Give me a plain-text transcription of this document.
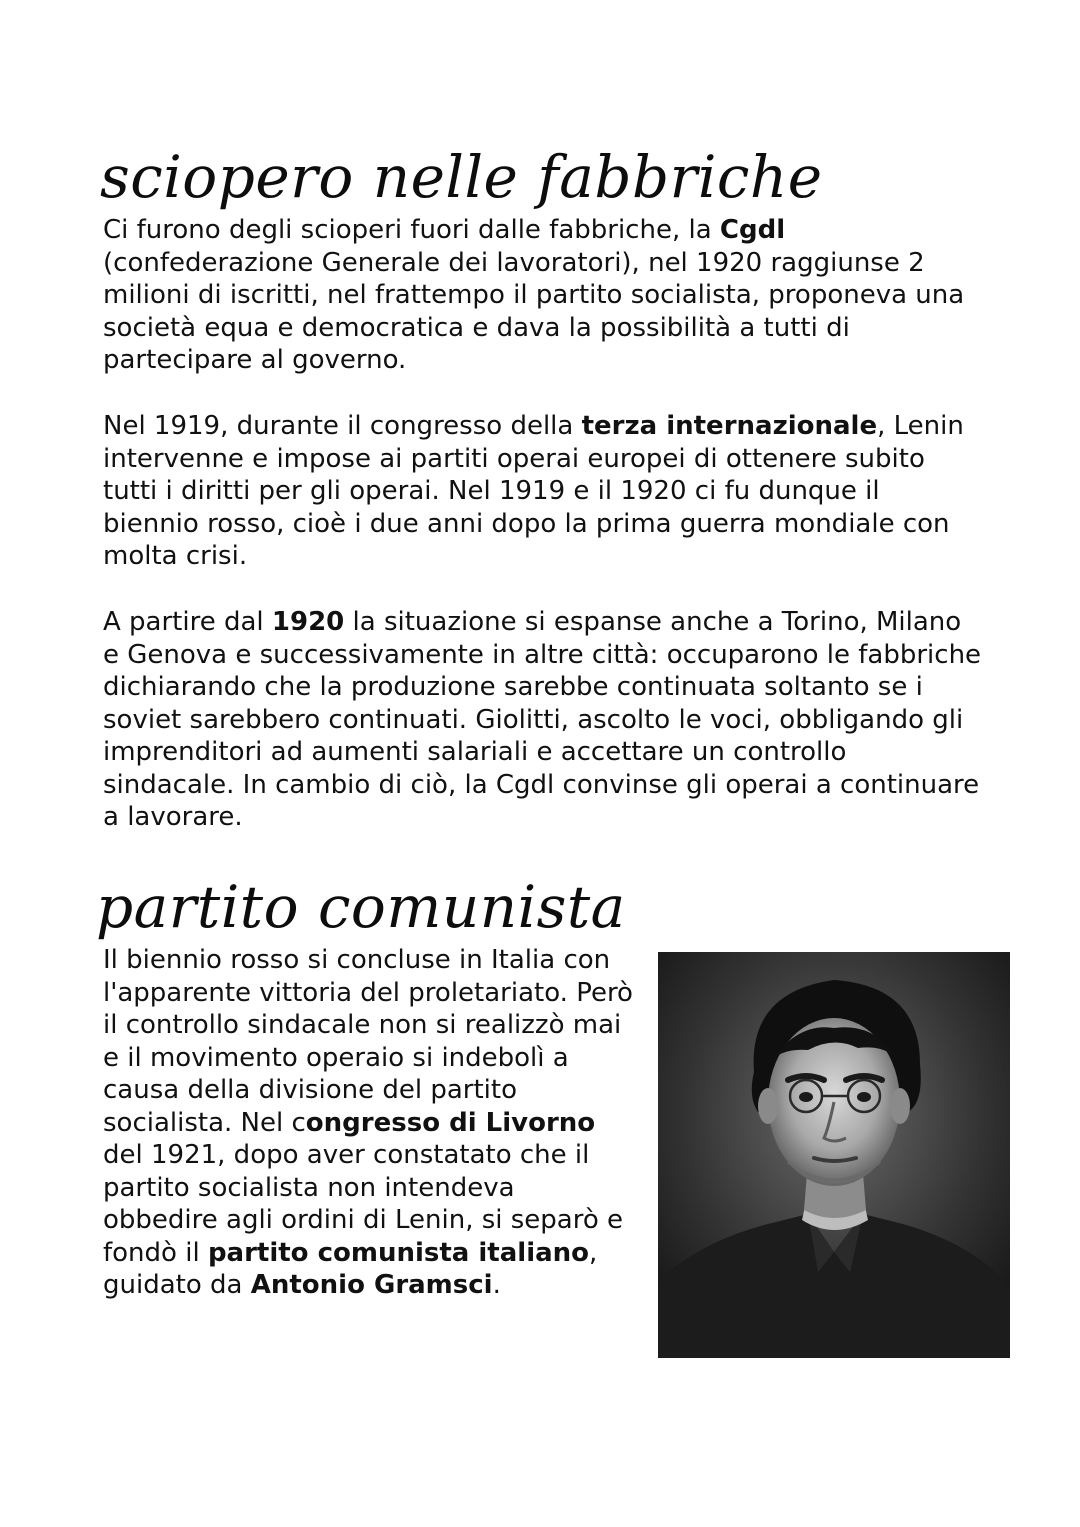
sciopero nelle fabbriche

Ci furono degli scioperi fuori dalle fabbriche, la Cgdl (confederazione Generale dei lavoratori), nel 1920 raggiunse 2 milioni di iscritti, nel frattempo il partito socialista, proponeva una società equa e democratica e dava la possibilità a tutti di partecipare al governo.

Nel 1919, durante il congresso della terza internazionale, Lenin intervenne e impose ai partiti operai europei di ottenere subito tutti i diritti per gli operai. Nel 1919 e il 1920 ci fu dunque il biennio rosso, cioè i due anni dopo la prima guerra mondiale con molta crisi.

A partire dal 1920 la situazione si espanse anche a Torino, Milano e Genova e successivamente in altre città: occuparono le fabbriche dichiarando che la produzione sarebbe continuata soltanto se i soviet sarebbero continuati. Giolitti, ascolto le voci, obbligando gli imprenditori ad aumenti salariali e accettare un controllo sindacale. In cambio di ciò, la Cgdl convinse gli operai a continuare a lavorare.

partito comunista

Il biennio rosso si concluse in Italia con l'apparente vittoria del proletariato. Però il controllo sindacale non si realizzò mai e il movimento operaio si indebolì a causa della divisione del partito socialista. Nel congresso di Livorno del 1921, dopo aver constatato che il partito socialista non intendeva obbedire agli ordini di Lenin, si separò e fondò il partito comunista italiano, guidato da Antonio Gramsci.
